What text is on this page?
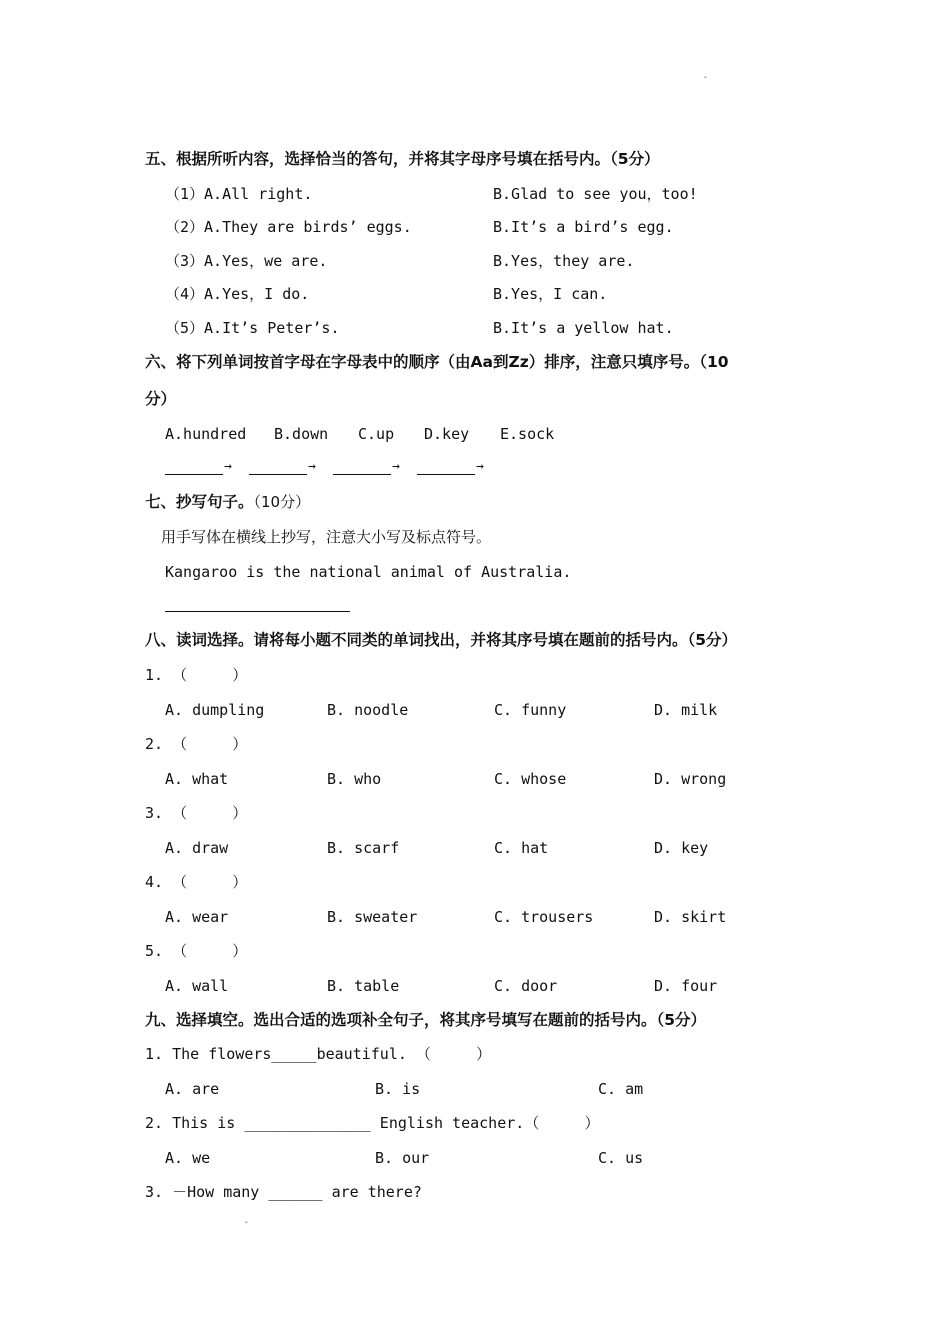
ˇ
五、根据所听内容，选择恰当的答句，并将其字母序号填在括号内。（5分）
（1）A.All right.	B.Glad to see you，too!
（2）A.They are birds’ eggs.	B.It’s a bird’s egg.
（3）A.Yes，we are.	B.Yes，they are.
（4）A.Yes，I do.	B.Yes，I can.
（5）A.It’s Peter’s.	B.It’s a yellow hat.
六、将下列单词按首字母在字母表中的顺序（由Aa到Zz）排序，注意只填序号。（10
分）
A.hundred B.down C.up D.key E.sock
→	→	→	→
七、抄写句子。（10分）
用手写体在横线上抄写，注意大小写及标点符号。
Kangaroo is the national animal of Australia.
八、读词选择。请将每小题不同类的单词找出，并将其序号填在题前的括号内。（5分）
1. （     ）
A. dumpling	B. noodle	C. funny	D. milk
2. （     ）
A. what	B. who	C. whose	D. wrong
3. （     ）
A. draw	B. scarf	C. hat	D. key
4. （     ）
A. wear	B. sweater	C. trousers	D. skirt
5. （     ）
A. wall	B. table	C. door	D. four
九、选择填空。选出合适的选项补全句子，将其序号填写在题前的括号内。（5分）
1. The flowers_____beautiful. （     ）
A. are	B. is	C. am
2. This is ______________ English teacher.（     ）
A. we	B. our	C. us
3. －How many ______ are there?
ˇ
